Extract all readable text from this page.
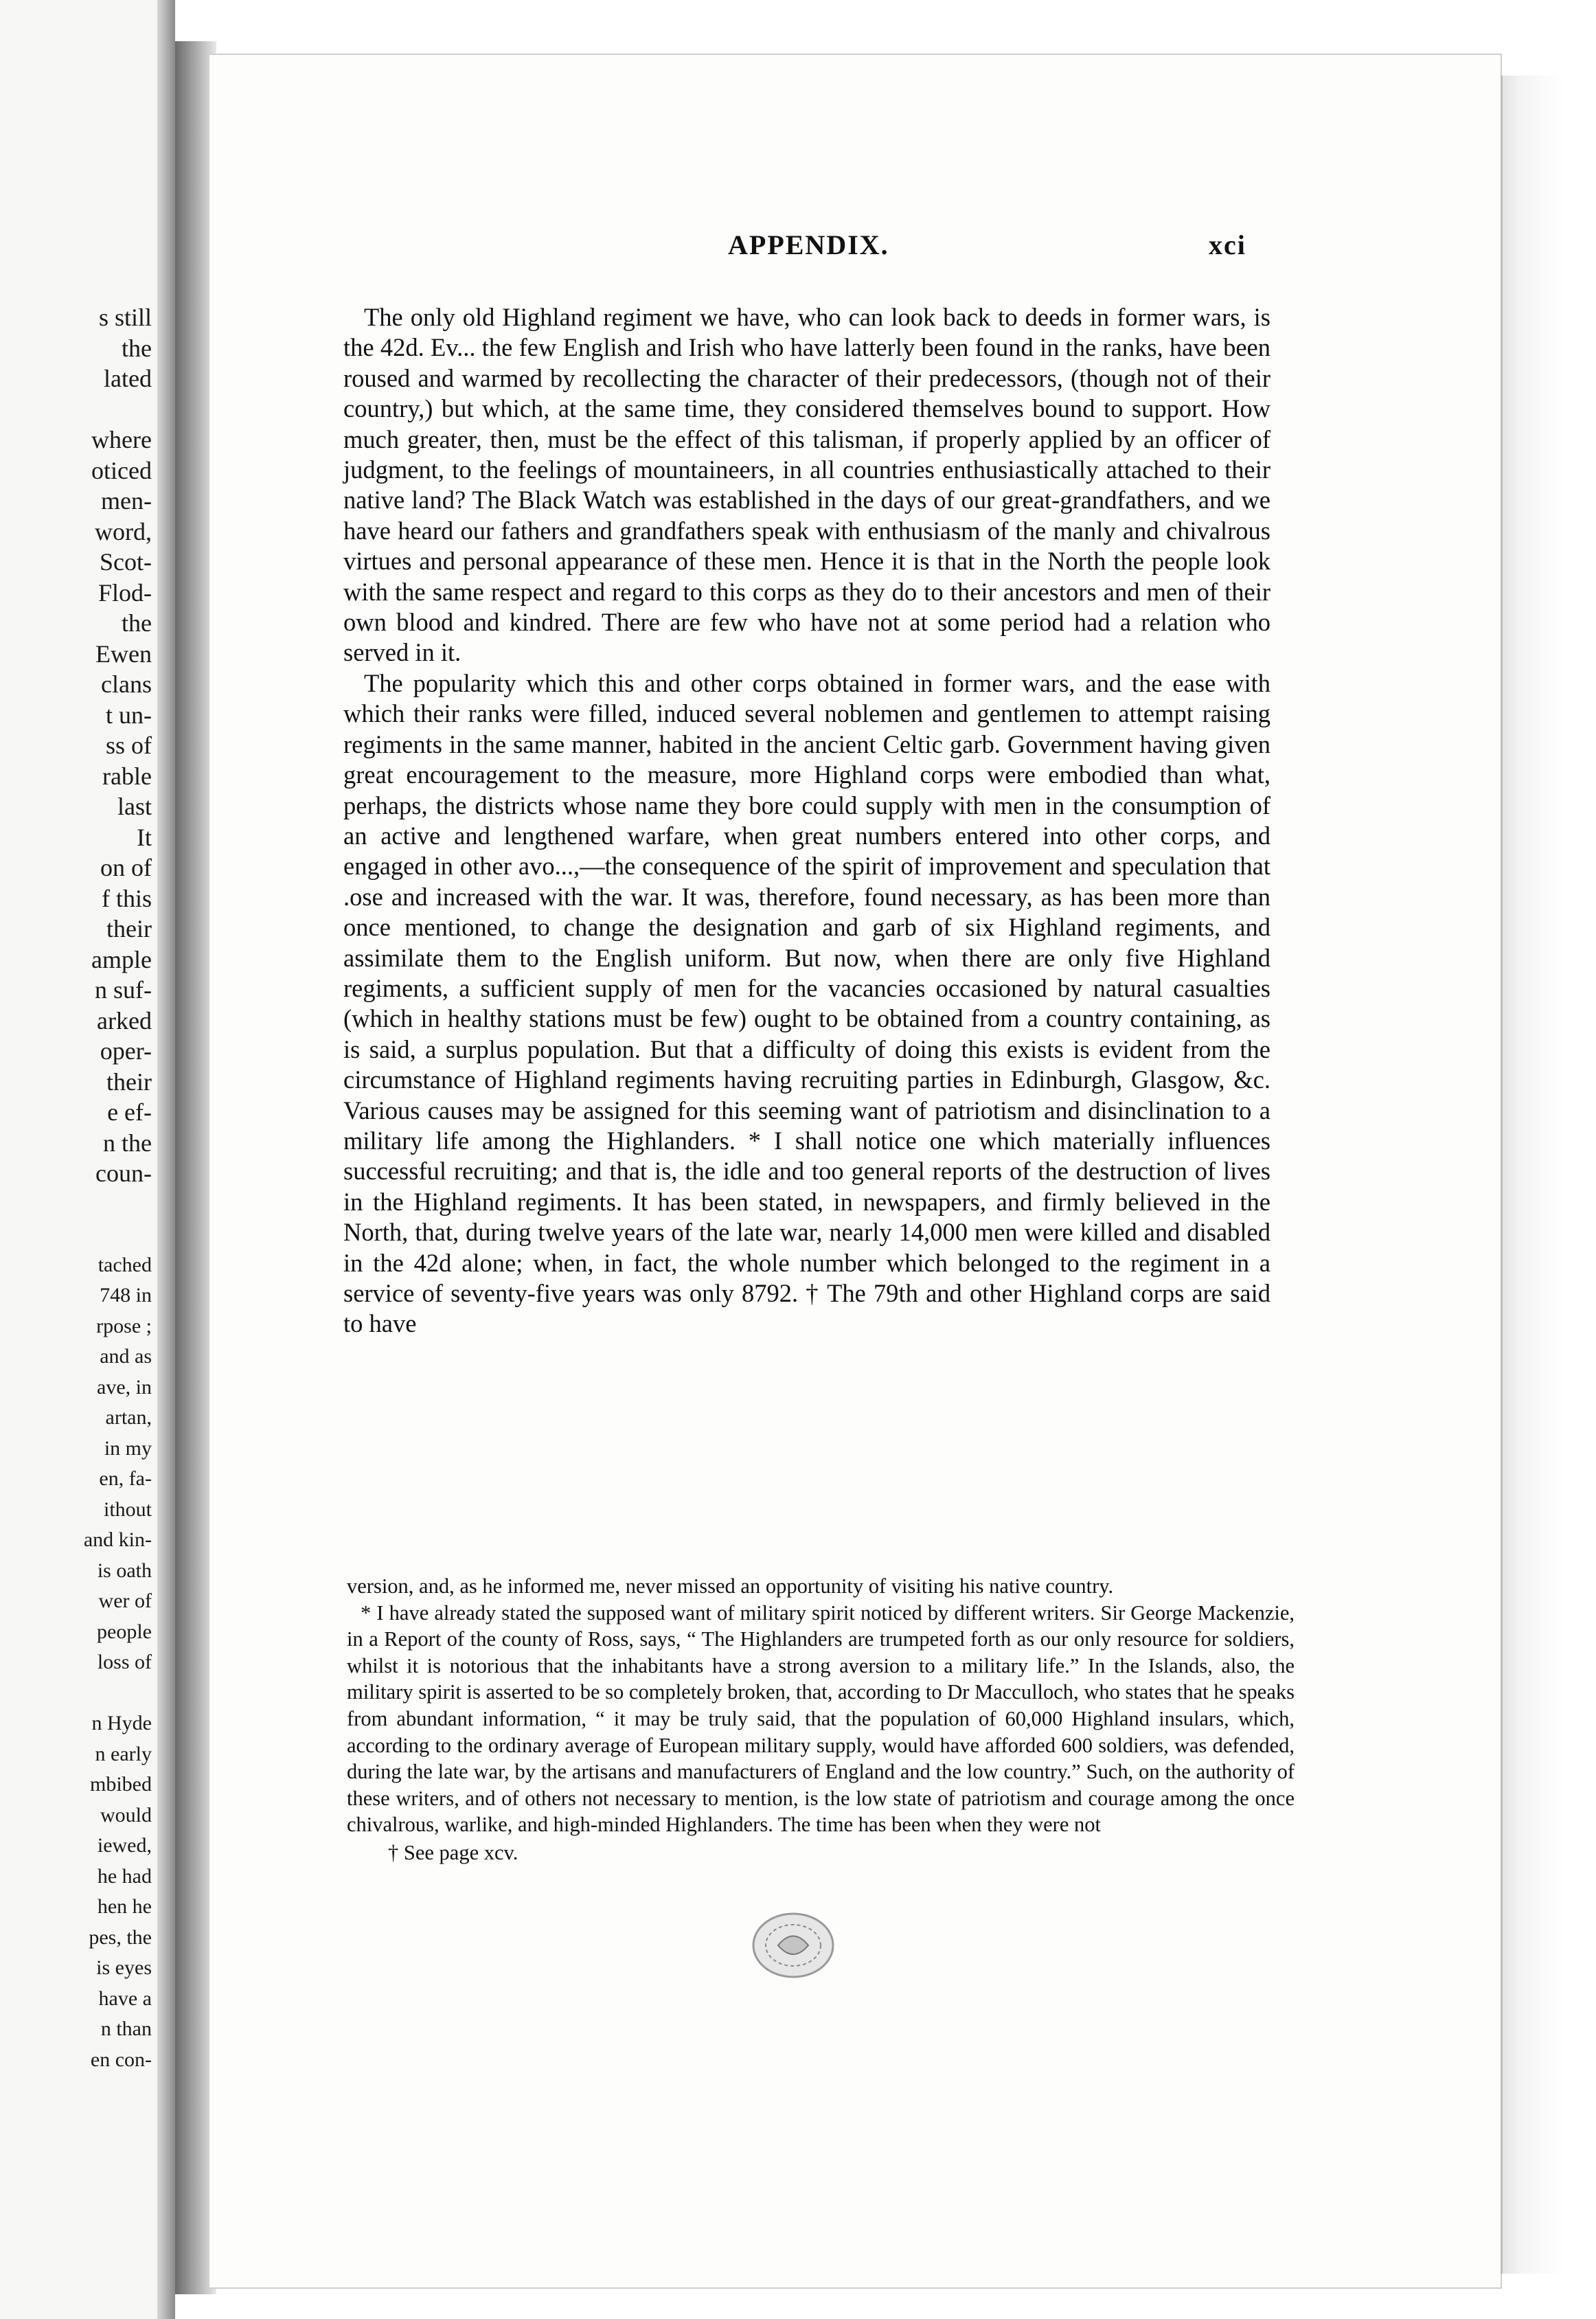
s still
the
lated

where
oticed
men-
word,
Scot-
Flod-
the
Ewen
clans
t un-
ss of
rable
last
It
on of
f this
their
ample
n suf-
arked
oper-
their
e ef-
n the
coun-

tached
748 in
rpose ;
and as
ave, in
artan,
in my
en, fa-
ithout
and kin-
is oath
wer of
people
loss of

n Hyde
n early
mbibed
would
iewed,
he had
hen he
pes, the
is eyes
have a
n than
en con-
APPENDIX.	xci

The only old Highland regiment we have, who can look back to deeds in former wars, is the 42d. Ev... the few English and Irish who have latterly been found in the ranks, have been roused and warmed by recollecting the character of their predecessors, (though not of their country,) but which, at the same time, they considered themselves bound to support. How much greater, then, must be the effect of this talisman, if properly applied by an officer of judgment, to the feelings of mountaineers, in all countries enthusiastically attached to their native land? The Black Watch was established in the days of our great-grandfathers, and we have heard our fathers and grandfathers speak with enthusiasm of the manly and chivalrous virtues and personal appearance of these men. Hence it is that in the North the people look with the same respect and regard to this corps as they do to their ancestors and men of their own blood and kindred. There are few who have not at some period had a relation who served in it.

The popularity which this and other corps obtained in former wars, and the ease with which their ranks were filled, induced several noblemen and gentlemen to attempt raising regiments in the same manner, habited in the ancient Celtic garb. Government having given great encouragement to the measure, more Highland corps were embodied than what, perhaps, the districts whose name they bore could supply with men in the consumption of an active and lengthened warfare, when great numbers entered into other corps, and engaged in other avo...,—the consequence of the spirit of improvement and speculation that .ose and increased with the war. It was, therefore, found necessary, as has been more than once mentioned, to change the designation and garb of six Highland regiments, and assimilate them to the English uniform. But now, when there are only five Highland regiments, a sufficient supply of men for the vacancies occasioned by natural casualties (which in healthy stations must be few) ought to be obtained from a country containing, as is said, a surplus population. But that a difficulty of doing this exists is evident from the circumstance of Highland regiments having recruiting parties in Edinburgh, Glasgow, &c. Various causes may be assigned for this seeming want of patriotism and disinclination to a military life among the Highlanders. * I shall notice one which materially influences successful recruiting; and that is, the idle and too general reports of the destruction of lives in the Highland regiments. It has been stated, in newspapers, and firmly believed in the North, that, during twelve years of the late war, nearly 14,000 men were killed and disabled in the 42d alone; when, in fact, the whole number which belonged to the regiment in a service of seventy-five years was only 8792. † The 79th and other Highland corps are said to have

version, and, as he informed me, never missed an opportunity of visiting his native country.

* I have already stated the supposed want of military spirit noticed by different writers. Sir George Mackenzie, in a Report of the county of Ross, says, “ The Highlanders are trumpeted forth as our only resource for soldiers, whilst it is notorious that the inhabitants have a strong aversion to a military life.” In the Islands, also, the military spirit is asserted to be so completely broken, that, according to Dr Macculloch, who states that he speaks from abundant information, “ it may be truly said, that the population of 60,000 Highland insulars, which, according to the ordinary average of European military supply, would have afforded 600 soldiers, was defended, during the late war, by the artisans and manufacturers of England and the low country.” Such, on the authority of these writers, and of others not necessary to mention, is the low state of patriotism and courage among the once chivalrous, warlike, and high-minded Highlanders. The time has been when they were not

† See page xcv.
